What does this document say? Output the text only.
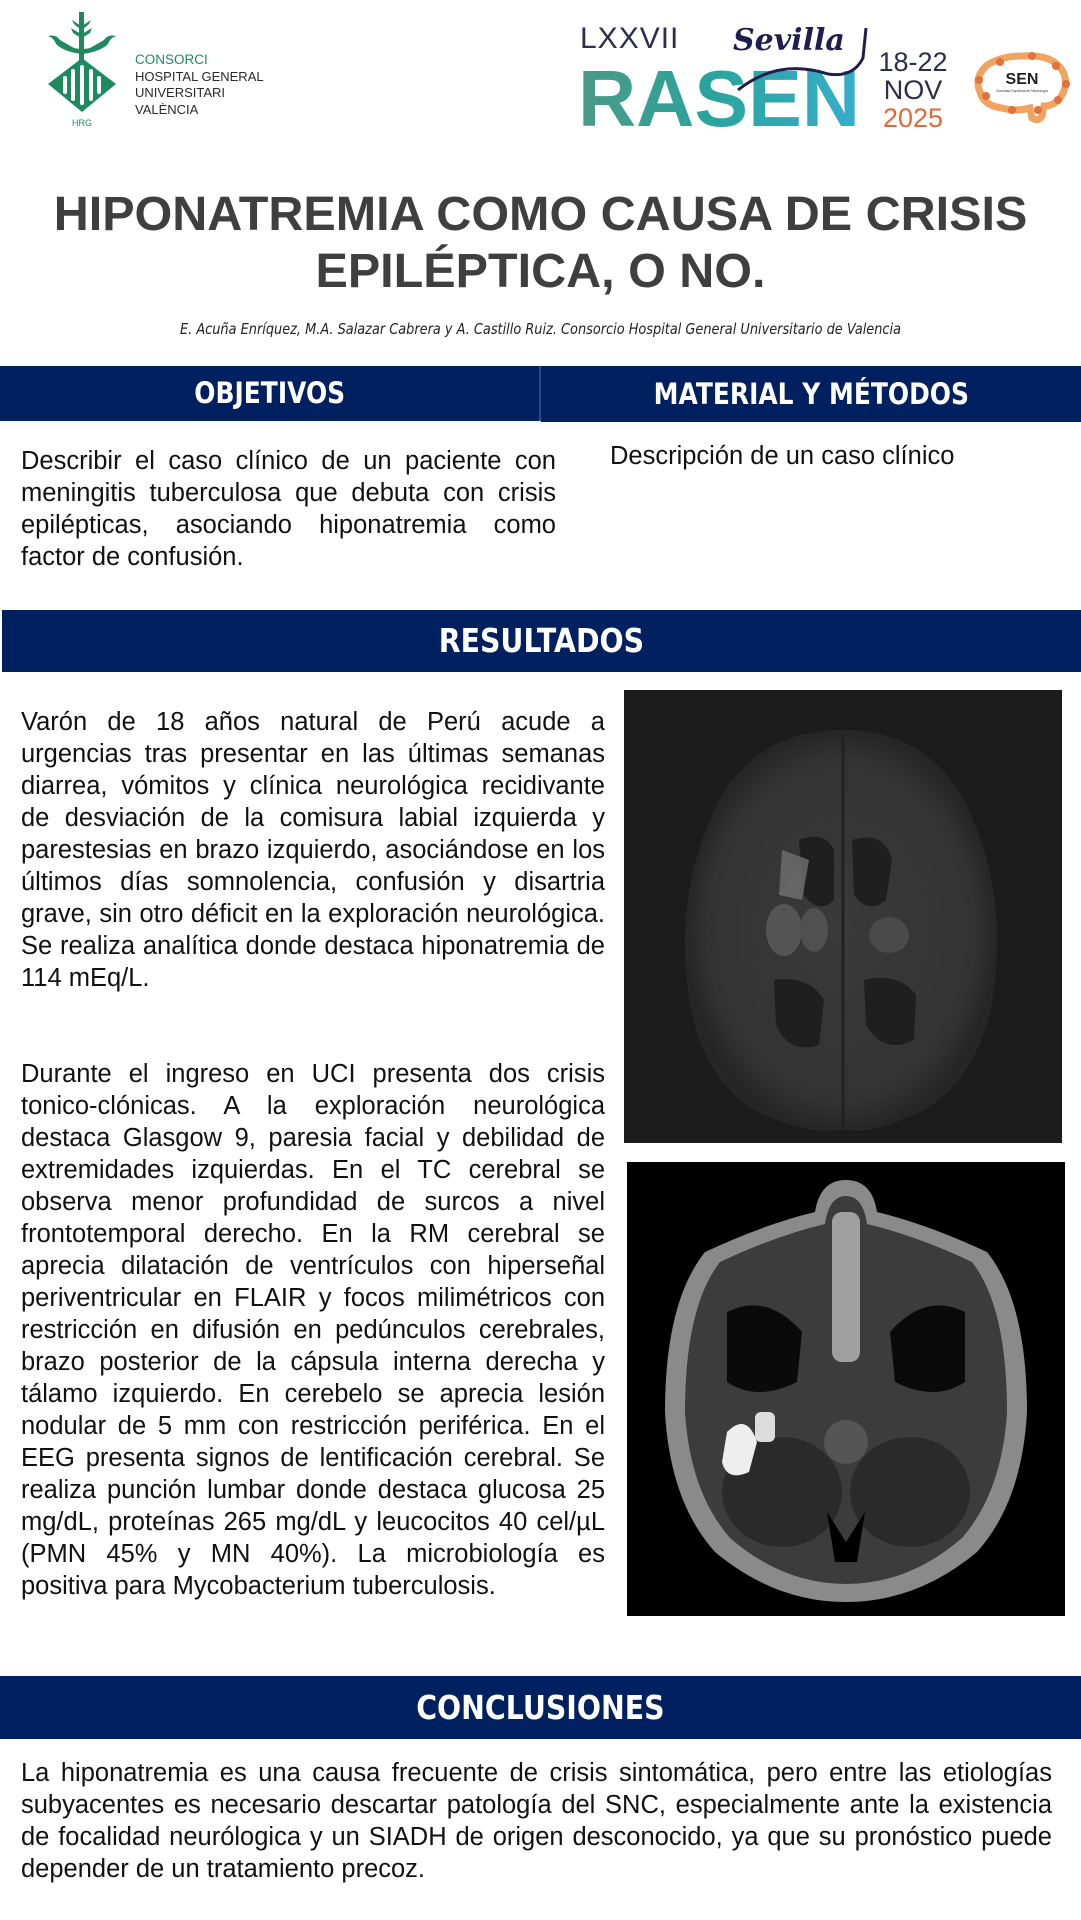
HRG
CONSORCI
HOSPITAL GENERAL
UNIVERSITARI
VALÈNCIA
LXXVII
RASEN
Sevilla
18-22
NOV
2025
SEN
Sociedad Española de Neurología
HIPONATREMIA COMO CAUSA DE CRISIS
EPILÉPTICA, O NO.
E. Acuña Enríquez, M.A. Salazar Cabrera y A. Castillo Ruiz. Consorcio Hospital General Universitario de Valencia
OBJETIVOS	MATERIAL Y MÉTODOS
Describir el caso clínico de un paciente con meningitis tuberculosa que debuta con crisis epilépticas, asociando hiponatremia como factor de confusión.
Descripción de un caso clínico
RESULTADOS
Varón de 18 años natural de Perú acude a urgencias tras presentar en las últimas semanas diarrea, vómitos y clínica neurológica recidivante de desviación de la comisura labial izquierda y parestesias en brazo izquierdo, asociándose en los últimos días somnolencia, confusión y disartria grave, sin otro déficit en la exploración neurológica. Se realiza analítica donde destaca hiponatremia de 114 mEq/L.
Durante el ingreso en UCI presenta dos crisis tonico-clónicas. A la exploración neurológica destaca Glasgow 9, paresia facial y debilidad de extremidades izquierdas. En el TC cerebral se observa menor profundidad de surcos a nivel frontotemporal derecho. En la RM cerebral se aprecia dilatación de ventrículos con hiperseñal periventricular en FLAIR y focos milimétricos con restricción en difusión en pedúnculos cerebrales, brazo posterior de la cápsula interna derecha y tálamo izquierdo. En cerebelo se aprecia lesión nodular de 5 mm con restricción periférica. En el EEG presenta signos de lentificación cerebral. Se realiza punción lumbar donde destaca glucosa 25 mg/dL, proteínas 265 mg/dL y leucocitos 40 cel/µL (PMN 45% y MN 40%). La microbiología es positiva para Mycobacterium tuberculosis.
CONCLUSIONES
La hiponatremia es una causa frecuente de crisis sintomática, pero entre las etiologías subyacentes es necesario descartar patología del SNC, especialmente ante la existencia de focalidad neurólogica y un SIADH de origen desconocido, ya que su pronóstico puede depender de un tratamiento precoz.
